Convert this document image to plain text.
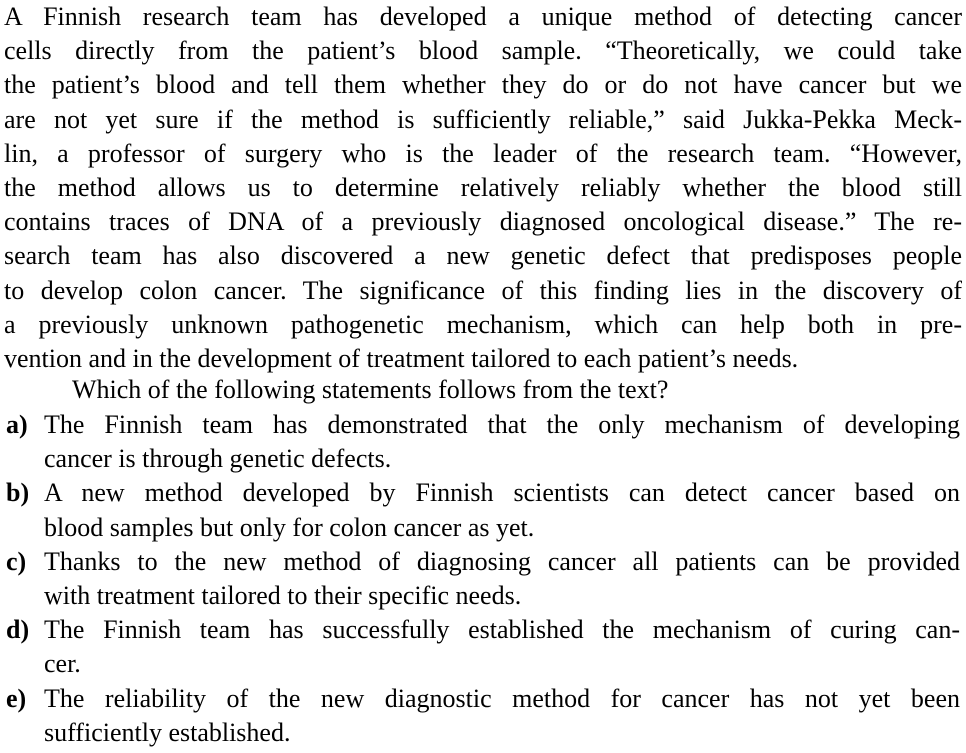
A Finnish research team has developed a unique method of detecting cancer
cells directly from the patient’s blood sample. “Theoretically, we could take
the patient’s blood and tell them whether they do or do not have cancer but we
are not yet sure if the method is sufficiently reliable,” said Jukka-Pekka Meck-
lin, a professor of surgery who is the leader of the research team. “However,
the method allows us to determine relatively reliably whether the blood still
contains traces of DNA of a previously diagnosed oncological disease.” The re-
search team has also discovered a new genetic defect that predisposes people
to develop colon cancer. The significance of this finding lies in the discovery of
a previously unknown pathogenetic mechanism, which can help both in pre-
vention and in the development of treatment tailored to each patient’s needs.
Which of the following statements follows from the text?
a) The Finnish team has demonstrated that the only mechanism of developing
cancer is through genetic defects.
b) A new method developed by Finnish scientists can detect cancer based on
blood samples but only for colon cancer as yet.
c) Thanks to the new method of diagnosing cancer all patients can be provided
with treatment tailored to their specific needs.
d) The Finnish team has successfully established the mechanism of curing can-
cer.
e) The reliability of the new diagnostic method for cancer has not yet been
sufficiently established.
